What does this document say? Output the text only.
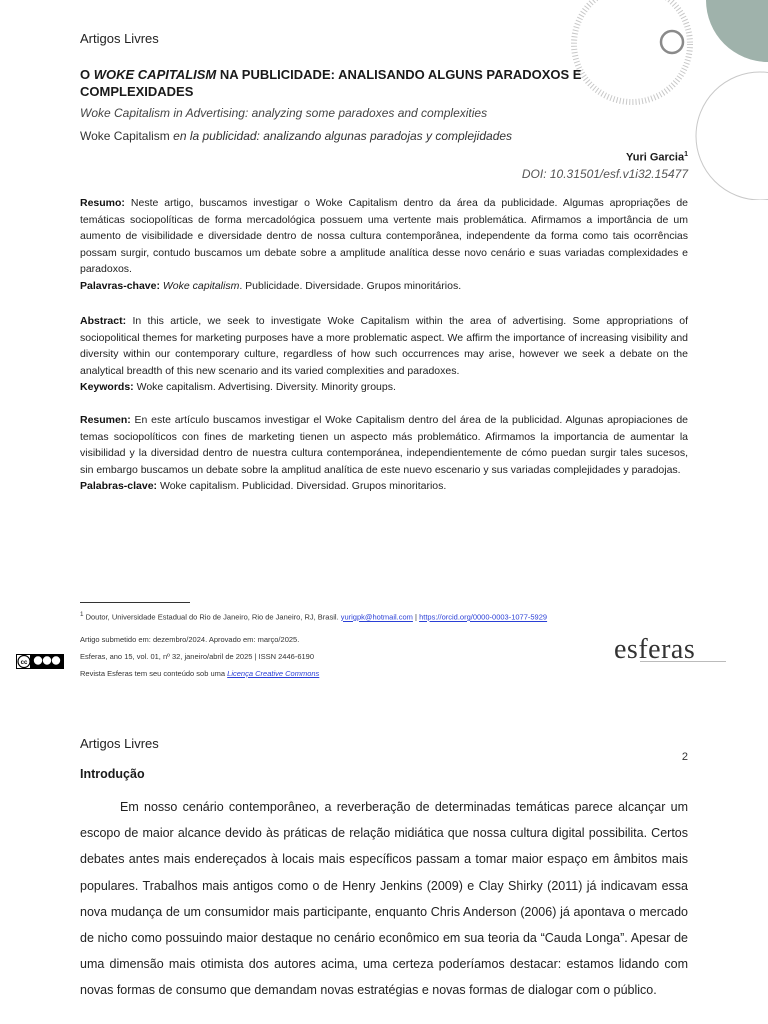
Artigos Livres
O WOKE CAPITALISM NA PUBLICIDADE: ANALISANDO ALGUNS PARADOXOS E COMPLEXIDADES
Woke Capitalism in Advertising: analyzing some paradoxes and complexities
Woke Capitalism en la publicidad: analizando algunas paradojas y complejidades
Yuri Garcia$^1$
DOI: 10.31501/esf.v1i32.15477
Resumo: Neste artigo, buscamos investigar o Woke Capitalism dentro da área da publicidade. Algumas apropriações de temáticas sociopolíticas de forma mercadológica possuem uma vertente mais problemática. Afirmamos a importância de um aumento de visibilidade e diversidade dentro de nossa cultura contemporânea, independente da forma como tais ocorrências possam surgir, contudo buscamos um debate sobre a amplitude analítica desse novo cenário e suas variadas complexidades e paradoxos.
Palavras-chave: Woke capitalism. Publicidade. Diversidade. Grupos minoritários.
Abstract: In this article, we seek to investigate Woke Capitalism within the area of advertising. Some appropriations of sociopolitical themes for marketing purposes have a more problematic aspect. We affirm the importance of increasing visibility and diversity within our contemporary culture, regardless of how such occurrences may arise, however we seek a debate on the analytical breadth of this new scenario and its varied complexities and paradoxes.
Keywords: Woke capitalism. Advertising. Diversity. Minority groups.
Resumen: En este artículo buscamos investigar el Woke Capitalism dentro del área de la publicidad. Algunas apropiaciones de temas sociopolíticos con fines de marketing tienen un aspecto más problemático. Afirmamos la importancia de aumentar la visibilidad y la diversidad dentro de nuestra cultura contemporánea, independientemente de cómo puedan surgir tales sucesos, sin embargo buscamos un debate sobre la amplitud analítica de este nuevo escenario y sus variadas complejidades y paradojas.
Palabras-clave: Woke capitalism. Publicidad. Diversidad. Grupos minoritarios.
$^1$ Doutor, Universidade Estadual do Rio de Janeiro, Rio de Janeiro, RJ, Brasil. yurigpk@hotmail.com | https://orcid.org/0000-0003-1077-5929
Artigo submetido em: dezembro/2024. Aprovado em: março/2025.
Esferas, ano 15, vol. 01, nº 32, janeiro/abril de 2025 | ISSN 2446-6190
Revista Esferas tem seu conteúdo sob uma Licença Creative Commons
cc	esferas
Artigos Livres
2
Introdução
Em nosso cenário contemporâneo, a reverberação de determinadas temáticas parece alcançar um escopo de maior alcance devido às práticas de relação midiática que nossa cultura digital possibilita. Certos debates antes mais endereçados à locais mais específicos passam a tomar maior espaço em âmbitos mais populares. Trabalhos mais antigos como o de Henry Jenkins (2009) e Clay Shirky (2011) já indicavam essa nova mudança de um consumidor mais participante, enquanto Chris Anderson (2006) já apontava o mercado de nicho como possuindo maior destaque no cenário econômico em sua teoria da “Cauda Longa”. Apesar de uma dimensão mais otimista dos autores acima, uma certeza poderíamos destacar: estamos lidando com novas formas de consumo que demandam novas estratégias e novas formas de dialogar com o público.
